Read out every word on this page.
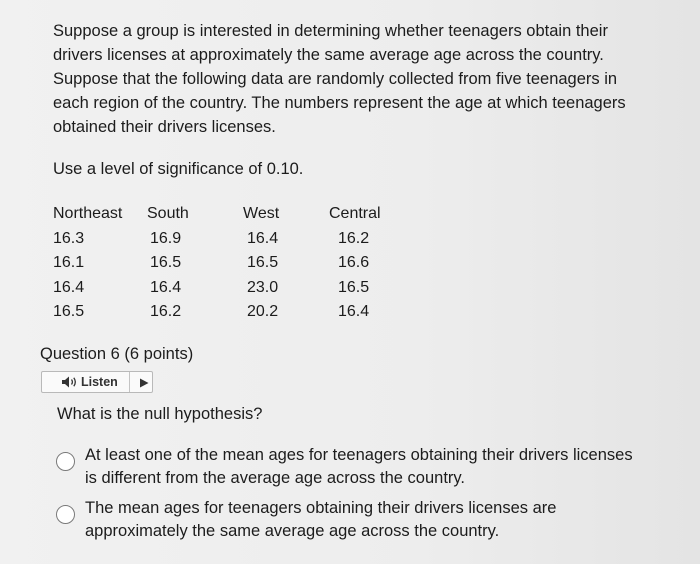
Suppose a group is interested in determining whether teenagers obtain their drivers licenses at approximately the same average age across the country. Suppose that the following data are randomly collected from five teenagers in each region of the country. The numbers represent the age at which teenagers obtained their drivers licenses.
Use a level of significance of 0.10.
Northeast	South	West	Central
16.3	16.9	16.4	16.2
16.1	16.5	16.5	16.6
16.4	16.4	23.0	16.5
16.5	16.2	20.2	16.4
Question 6 (6 points)
Listen
What is the null hypothesis?
At least one of the mean ages for teenagers obtaining their drivers licenses is different from the average age across the country.
The mean ages for teenagers obtaining their drivers licenses are approximately the same average age across the country.
